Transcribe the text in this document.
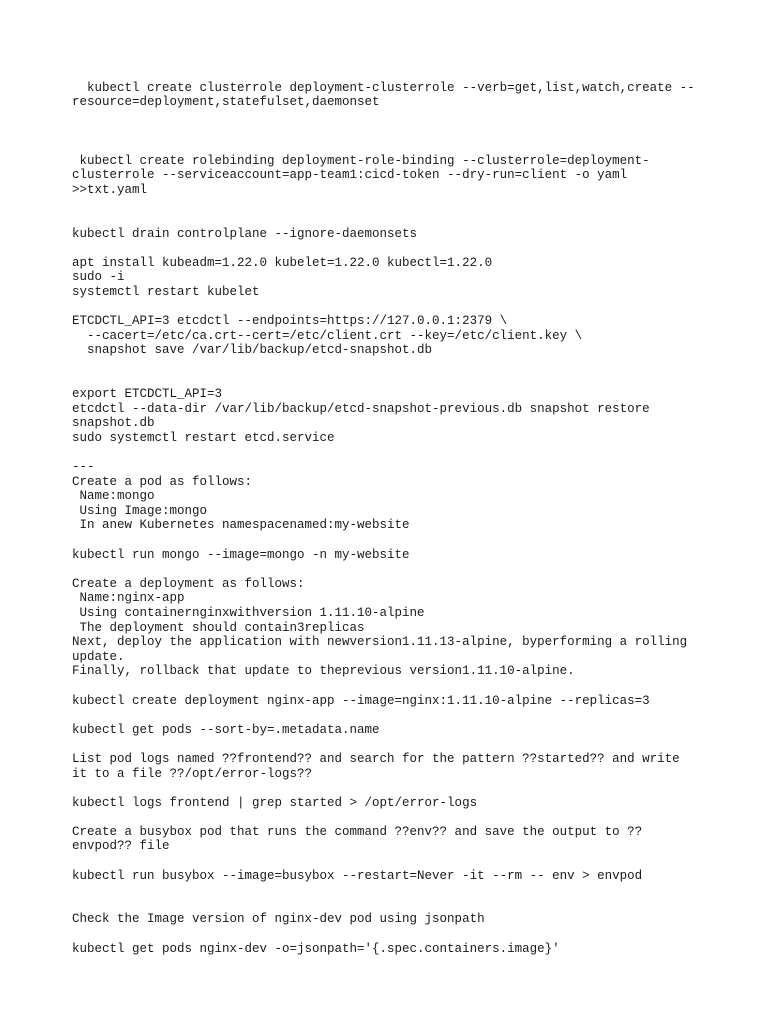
kubectl create clusterrole deployment-clusterrole --verb=get,list,watch,create --
resource=deployment,statefulset,daemonset
kubectl create rolebinding deployment-role-binding --clusterrole=deployment-
clusterrole --serviceaccount=app-team1:cicd-token --dry-run=client -o yaml
>>txt.yaml
kubectl drain controlplane --ignore-daemonsets
apt install kubeadm=1.22.0 kubelet=1.22.0 kubectl=1.22.0
sudo -i
systemctl restart kubelet
ETCDCTL_API=3 etcdctl --endpoints=https://127.0.0.1:2379 \
--cacert=/etc/ca.crt--cert=/etc/client.crt --key=/etc/client.key \
snapshot save /var/lib/backup/etcd-snapshot.db
export ETCDCTL_API=3
etcdctl --data-dir /var/lib/backup/etcd-snapshot-previous.db snapshot restore
snapshot.db
sudo systemctl restart etcd.service
---
Create a pod as follows:
Name:mongo
Using Image:mongo
In anew Kubernetes namespacenamed:my-website
kubectl run mongo --image=mongo -n my-website
Create a deployment as follows:
Name:nginx-app
Using containernginxwithversion 1.11.10-alpine
The deployment should contain3replicas
Next, deploy the application with newversion1.11.13-alpine, byperforming a rolling
update.
Finally, rollback that update to theprevious version1.11.10-alpine.
kubectl create deployment nginx-app --image=nginx:1.11.10-alpine --replicas=3
kubectl get pods --sort-by=.metadata.name
List pod logs named ??frontend?? and search for the pattern ??started?? and write
it to a file ??/opt/error-logs??
kubectl logs frontend | grep started > /opt/error-logs
Create a busybox pod that runs the command ??env?? and save the output to ??
envpod?? file
kubectl run busybox --image=busybox --restart=Never -it --rm -- env > envpod
Check the Image version of nginx-dev pod using jsonpath
kubectl get pods nginx-dev -o=jsonpath='{.spec.containers.image}'
